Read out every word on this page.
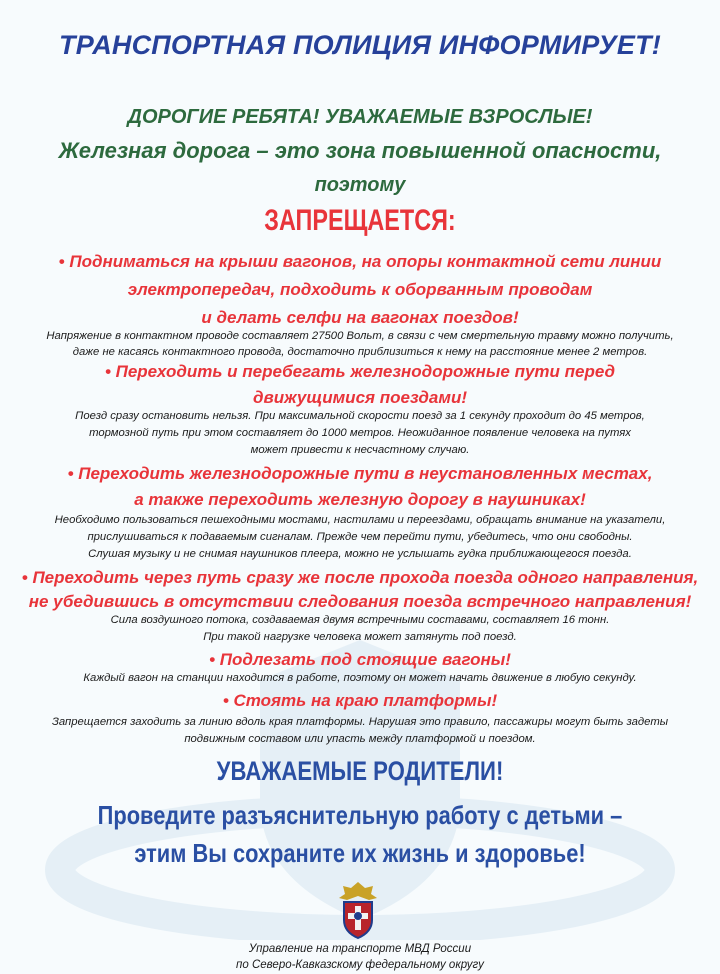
ТРАНСПОРТНАЯ ПОЛИЦИЯ ИНФОРМИРУЕТ!
ДОРОГИЕ РЕБЯТА! УВАЖАЕМЫЕ ВЗРОСЛЫЕ!
Железная дорога – это зона повышенной опасности,
поэтому
ЗАПРЕЩАЕТСЯ:
• Подниматься на крыши вагонов, на опоры контактной сети линии
электропередач, подходить к оборванным проводам
и делать селфи на вагонах поездов!
Напряжение в контактном проводе составляет 27500 Вольт, в связи с чем смертельную травму можно получить,
даже не касаясь контактного провода, достаточно приблизиться к нему на расстояние менее 2 метров.
• Переходить и перебегать железнодорожные пути перед
движущимися поездами!
Поезд сразу остановить нельзя. При максимальной скорости поезд за 1 секунду проходит до 45 метров,
тормозной путь при этом составляет до 1000 метров. Неожиданное появление человека на путях
может привести к несчастному случаю.
• Переходить железнодорожные пути в неустановленных местах,
а также переходить железную дорогу в наушниках!
Необходимо пользоваться пешеходными мостами, настилами и переездами, обращать внимание на указатели,
прислушиваться к подаваемым сигналам. Прежде чем перейти пути, убедитесь, что они свободны.
Слушая музыку и не снимая наушников плеера, можно не услышать гудка приближающегося поезда.
• Переходить через путь сразу же после прохода поезда одного направления,
не убедившись в отсутствии следования поезда встречного направления!
Сила воздушного потока, создаваемая двумя встречными составами, составляет 16 тонн.
При такой нагрузке человека может затянуть под поезд.
• Подлезать под стоящие вагоны!
Каждый вагон на станции находится в работе, поэтому он может начать движение в любую секунду.
• Стоять на краю платформы!
Запрещается заходить за линию вдоль края платформы. Нарушая это правило, пассажиры могут быть задеты
подвижным составом или упасть между платформой и поездом.
УВАЖАЕМЫЕ РОДИТЕЛИ!
Проведите разъяснительную работу с детьми –
этим Вы сохраните их жизнь и здоровье!
Управление на транспорте МВД России
по Северо-Кавказскому федеральному округу
